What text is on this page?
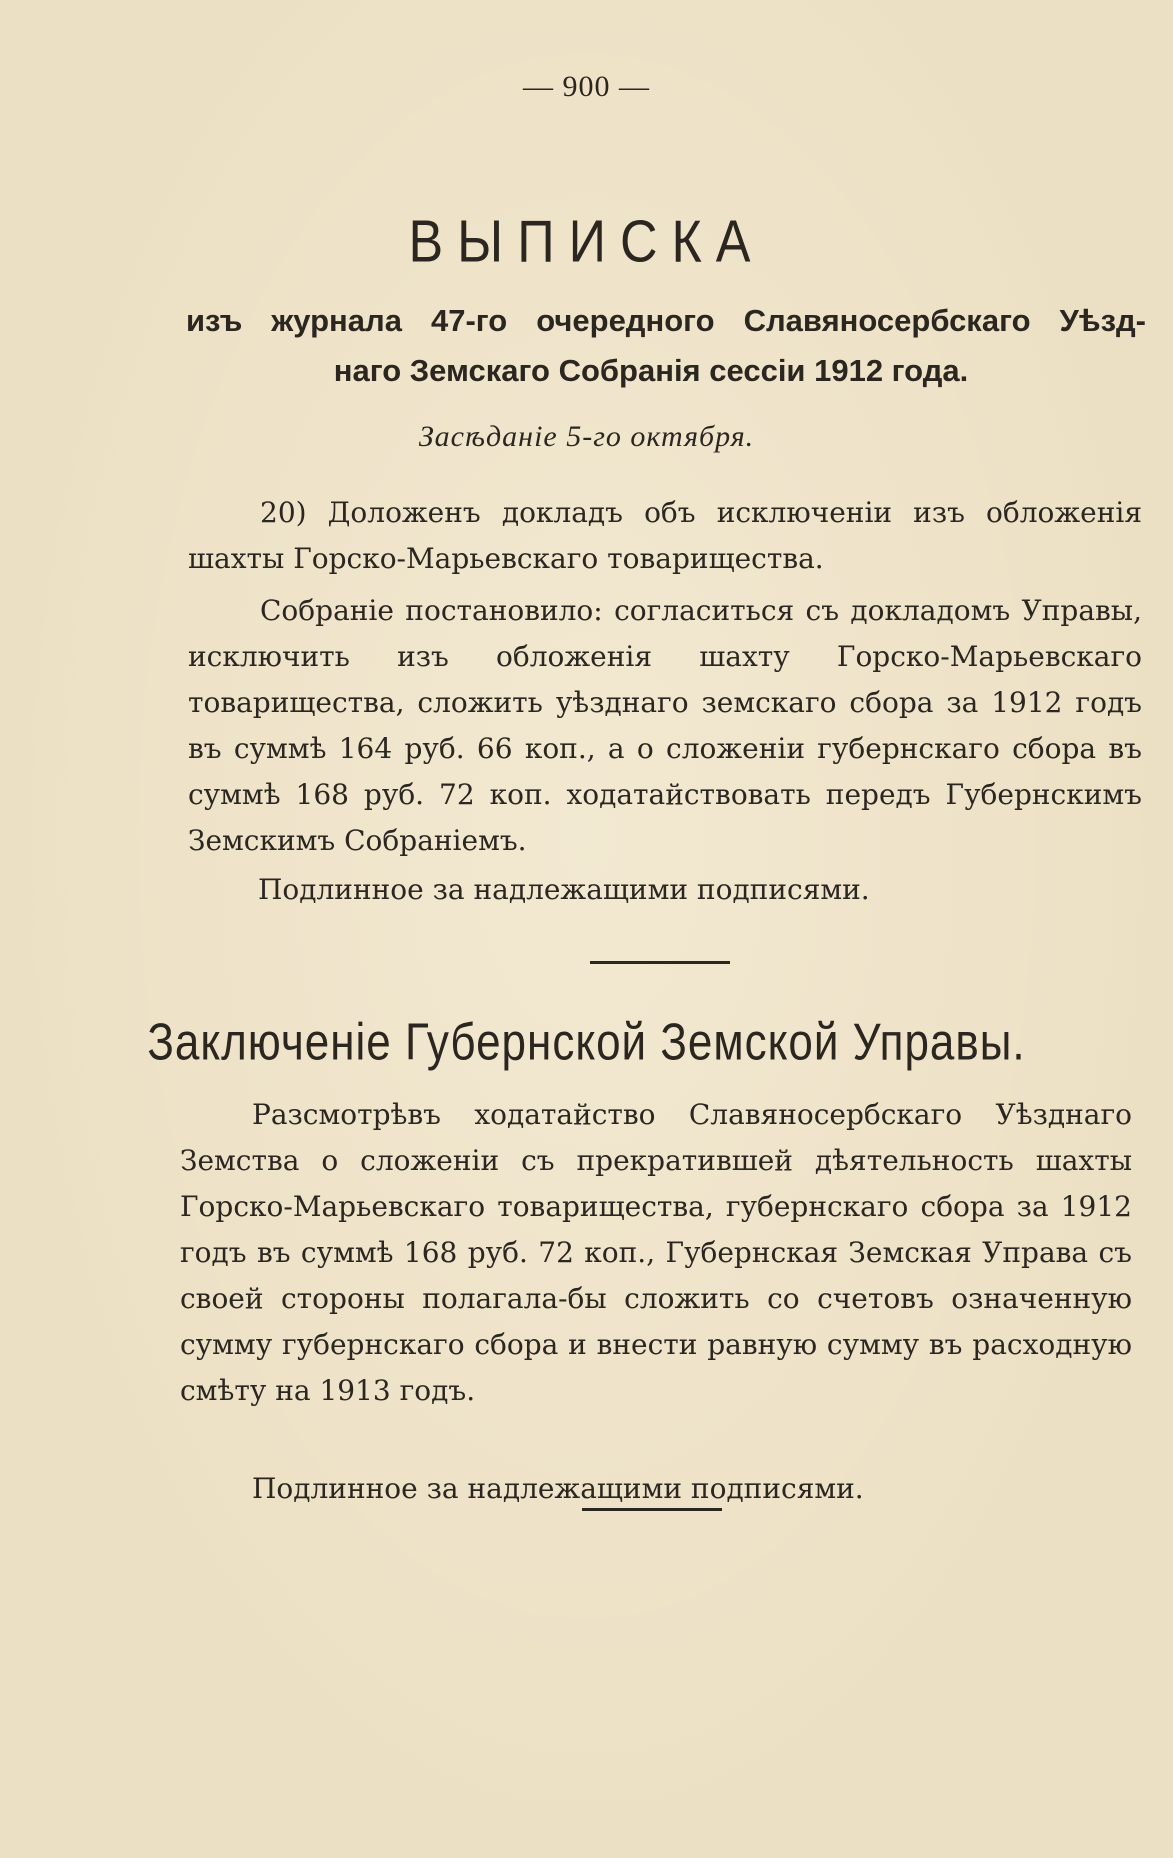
— 900 —
ВЫПИСКА
изъ журнала 47-го очередного Славяносербскаго Уѣзд-
наго Земскаго Собранія сессіи 1912 года.
Засѣданіе 5-го октября.

20) Доложенъ докладъ объ исключеніи изъ обложенія шахты Горско-Марьевскаго товарищества.

Собраніе постановило: согласиться съ докладомъ Управы, исключить изъ обложенія шахту Горско-Марьевскаго товарищества, сложить уѣзднаго земскаго сбора за 1912 годъ въ суммѣ 164 руб. 66 коп., а о сложеніи губернскаго сбора въ суммѣ 168 руб. 72 коп. ходатайствовать передъ Губернскимъ Земскимъ Собраніемъ.

Подлинное за надлежащими подписями.
Заключеніе Губернской Земской Управы.

Разсмотрѣвъ ходатайство Славяносербскаго Уѣзднаго Земства о сложеніи съ прекратившей дѣятельность шахты Горско-Марьевскаго товарищества, губернскаго сбора за 1912 годъ въ суммѣ 168 руб. 72 коп., Губернская Земская Управа съ своей стороны полагала-бы сложить со счетовъ означенную сумму губернскаго сбора и внести равную сумму въ расходную смѣту на 1913 годъ.

Подлинное за надлежащими подписями.
